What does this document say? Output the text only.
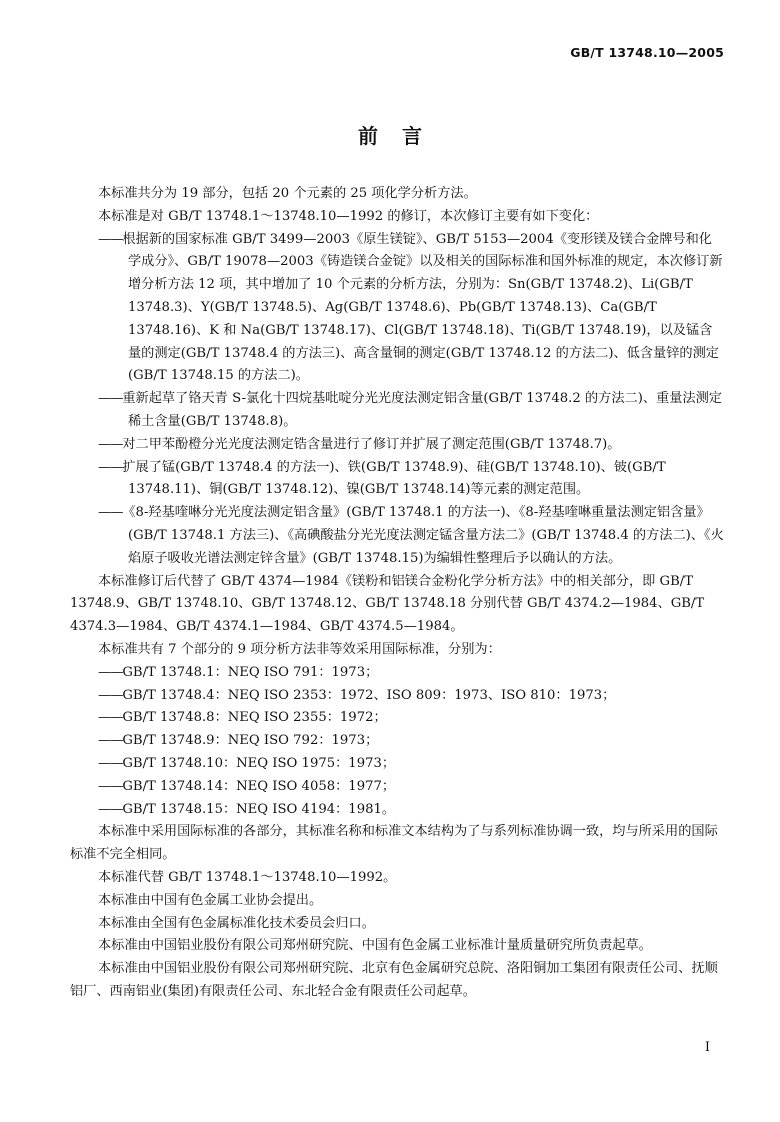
GB/T 13748.10—2005
前 言

本标准共分为 19 部分，包括 20 个元素的 25 项化学分析方法。

本标准是对 GB/T 13748.1～13748.10—1992 的修订，本次修订主要有如下变化：

——根据新的国家标准 GB/T 3499—2003《原生镁锭》、GB/T 5153—2004《变形镁及镁合金牌号和化学成分》、GB/T 19078—2003《铸造镁合金锭》以及相关的国际标准和国外标准的规定，本次修订新增分析方法 12 项，其中增加了 10 个元素的分析方法，分别为：Sn(GB/T 13748.2)、Li(GB/T 13748.3)、Y(GB/T 13748.5)、Ag(GB/T 13748.6)、Pb(GB/T 13748.13)、Ca(GB/T 13748.16)、K 和 Na(GB/T 13748.17)、Cl(GB/T 13748.18)、Ti(GB/T 13748.19)，以及锰含量的测定(GB/T 13748.4 的方法三)、高含量铜的测定(GB/T 13748.12 的方法二)、低含量锌的测定(GB/T 13748.15 的方法二)。

——重新起草了铬天青 S-氯化十四烷基吡啶分光光度法测定铝含量(GB/T 13748.2 的方法二)、重量法测定稀土含量(GB/T 13748.8)。

——对二甲苯酚橙分光光度法测定锆含量进行了修订并扩展了测定范围(GB/T 13748.7)。

——扩展了锰(GB/T 13748.4 的方法一)、铁(GB/T 13748.9)、硅(GB/T 13748.10)、铍(GB/T 13748.11)、铜(GB/T 13748.12)、镍(GB/T 13748.14)等元素的测定范围。

——《8-羟基喹啉分光光度法测定铝含量》(GB/T 13748.1 的方法一)、《8-羟基喹啉重量法测定铝含量》(GB/T 13748.1 方法三)、《高碘酸盐分光光度法测定锰含量方法二》(GB/T 13748.4 的方法二)、《火焰原子吸收光谱法测定锌含量》(GB/T 13748.15)为编辑性整理后予以确认的方法。

本标准修订后代替了 GB/T 4374—1984《镁粉和铝镁合金粉化学分析方法》中的相关部分，即 GB/T 13748.9、GB/T 13748.10、GB/T 13748.12、GB/T 13748.18 分别代替 GB/T 4374.2—1984、GB/T 4374.3—1984、GB/T 4374.1—1984、GB/T 4374.5—1984。

本标准共有 7 个部分的 9 项分析方法非等效采用国际标准，分别为：

——GB/T 13748.1：NEQ ISO 791：1973；

——GB/T 13748.4：NEQ ISO 2353：1972、ISO 809：1973、ISO 810：1973；

——GB/T 13748.8：NEQ ISO 2355：1972；

——GB/T 13748.9：NEQ ISO 792：1973；

——GB/T 13748.10：NEQ ISO 1975：1973；

——GB/T 13748.14：NEQ ISO 4058：1977；

——GB/T 13748.15：NEQ ISO 4194：1981。

本标准中采用国际标准的各部分，其标准名称和标准文本结构为了与系列标准协调一致，均与所采用的国际标准不完全相同。

本标准代替 GB/T 13748.1～13748.10—1992。

本标准由中国有色金属工业协会提出。

本标准由全国有色金属标准化技术委员会归口。

本标准由中国铝业股份有限公司郑州研究院、中国有色金属工业标准计量质量研究所负责起草。

本标准由中国铝业股份有限公司郑州研究院、北京有色金属研究总院、洛阳铜加工集团有限责任公司、抚顺铝厂、西南铝业(集团)有限责任公司、东北轻合金有限责任公司起草。

I
